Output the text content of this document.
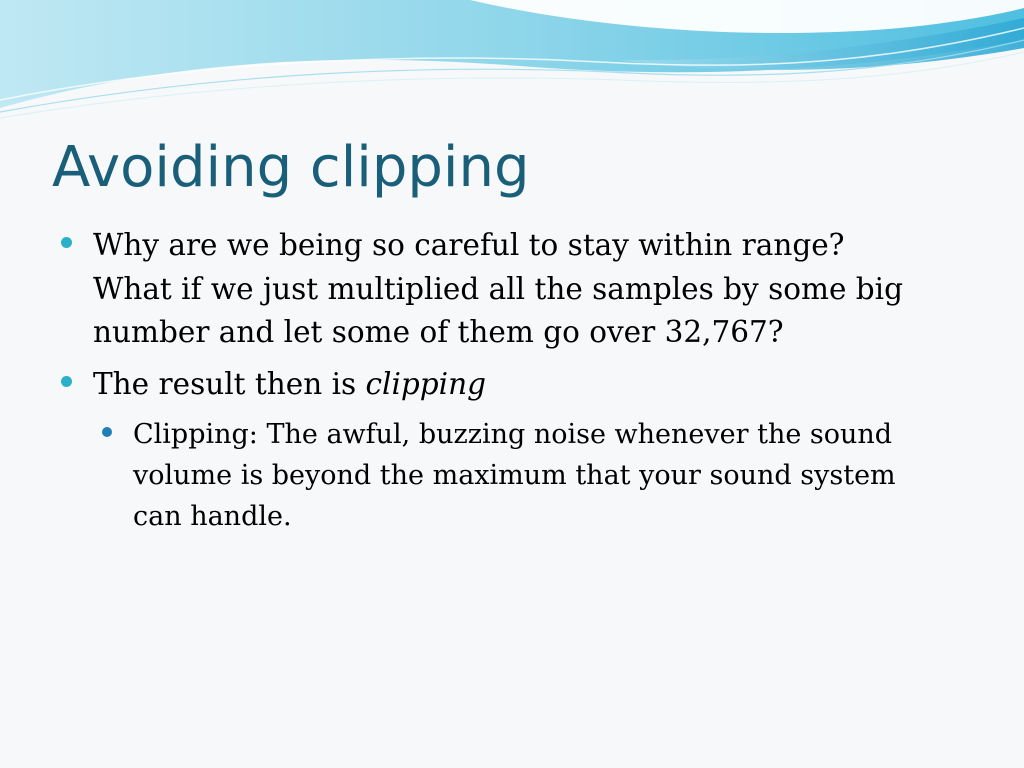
Avoiding clipping
Why are we being so careful to stay within range?
What if we just multiplied all the samples by some big
number and let some of them go over 32,767?
The result then is clipping
Clipping: The awful, buzzing noise whenever the sound
volume is beyond the maximum that your sound system
can handle.
